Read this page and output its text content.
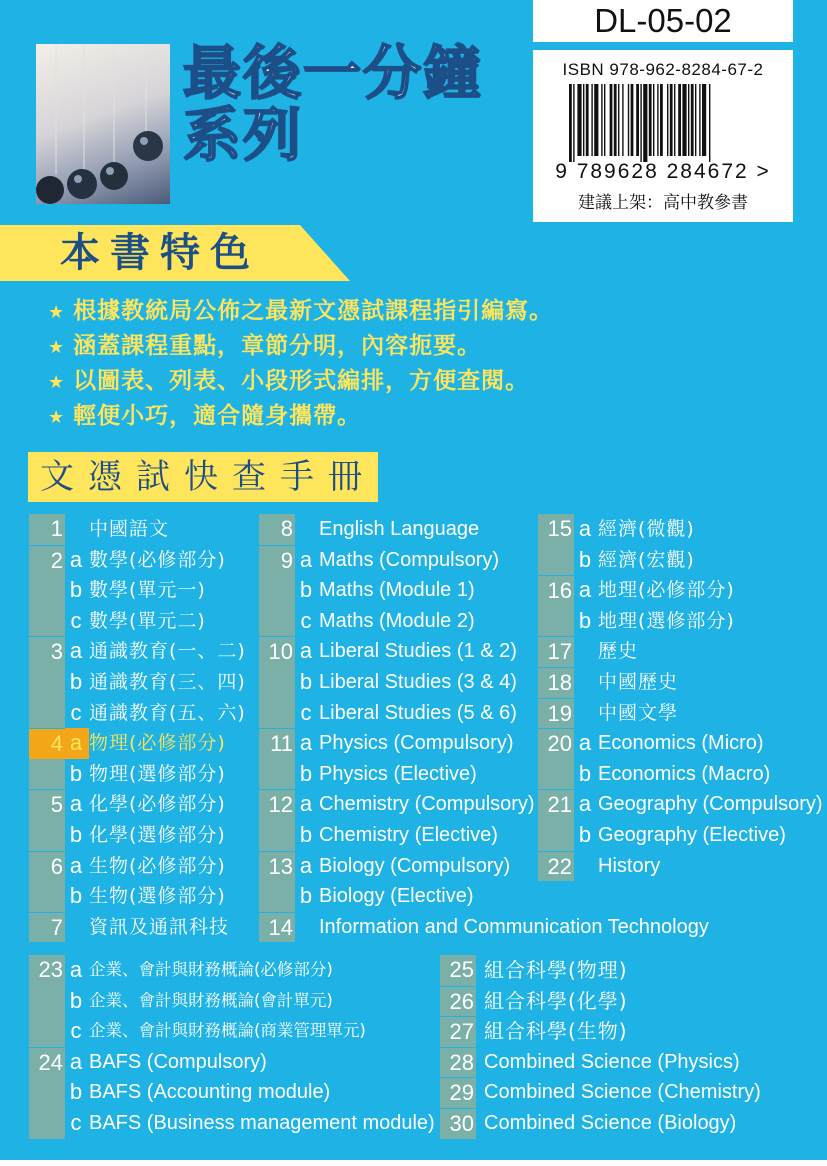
DL-05-02
ISBN 978-962-8284-67-2
9 789628 284672 >
建議上架：高中教參書
最後一分鐘
系列
本書特色
★ 根據教統局公佈之最新文憑試課程指引編寫。
★ 涵蓋課程重點，章節分明，內容扼要。
★ 以圖表、列表、小段形式編排，方便查閱。
★ 輕便小巧，適合隨身攜帶。
文憑試快查手冊
1 中國語文
2 a 數學(必修部分)
b 數學(單元一)
c 數學(單元二)
3 a 通識教育(一、二)
b 通識教育(三、四)
c 通識教育(五、六)
4 a 物理(必修部分)
b 物理(選修部分)
5 a 化學(必修部分)
b 化學(選修部分)
6 a 生物(必修部分)
b 生物(選修部分)
7 資訊及通訊科技
8 English Language
9 a Maths (Compulsory)
b Maths (Module 1)
c Maths (Module 2)
10 a Liberal Studies (1 & 2)
b Liberal Studies (3 & 4)
c Liberal Studies (5 & 6)
11 a Physics (Compulsory)
b Physics (Elective)
12 a Chemistry (Compulsory)
b Chemistry (Elective)
13 a Biology (Compulsory)
b Biology (Elective)
14 Information and Communication Technology
15 a 經濟(微觀)
b 經濟(宏觀)
16 a 地理(必修部分)
b 地理(選修部分)
17 歷史
18 中國歷史
19 中國文學
20 a Economics (Micro)
b Economics (Macro)
21 a Geography (Compulsory)
b Geography (Elective)
22 History
23 a 企業、會計與財務概論(必修部分)
b 企業、會計與財務概論(會計單元)
c 企業、會計與財務概論(商業管理單元)
24 a BAFS (Compulsory)
b BAFS (Accounting module)
c BAFS (Business management module)
25 組合科學(物理)
26 組合科學(化學)
27 組合科學(生物)
28 Combined Science (Physics)
29 Combined Science (Chemistry)
30 Combined Science (Biology)
